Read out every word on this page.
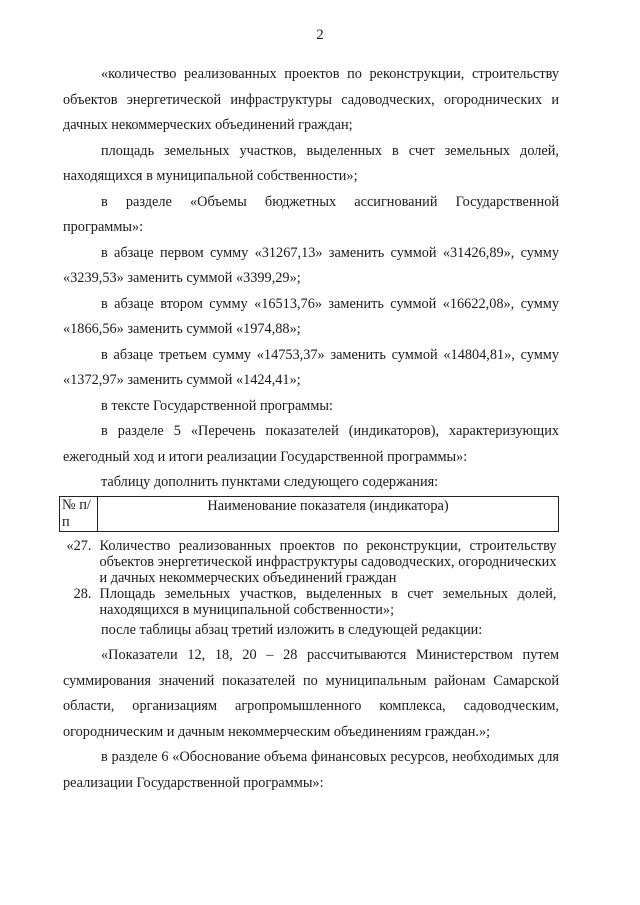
2

«количество реализованных проектов по реконструкции, строительству объектов энергетической инфраструктуры садоводческих, огороднических и дачных некоммерческих объединений граждан;

площадь земельных участков, выделенных в счет земельных долей, находящихся в муниципальной собственности»;

в разделе «Объемы бюджетных ассигнований Государственной программы»:

в абзаце первом сумму «31267,13» заменить суммой «31426,89», сумму «3239,53» заменить суммой «3399,29»;

в абзаце втором сумму «16513,76» заменить суммой «16622,08», сумму «1866,56» заменить суммой «1974,88»;

в абзаце третьем сумму «14753,37» заменить суммой «14804,81», сумму «1372,97» заменить суммой «1424,41»;

в тексте Государственной программы:

в разделе 5 «Перечень показателей (индикаторов), характеризующих ежегодный ход и итоги реализации Государственной программы»:

таблицу дополнить пунктами следующего содержания:

№ п/п	Наименование показателя (индикатора)
«27.	Количество реализованных проектов по реконструкции, строительству объектов энергетической инфраструктуры садоводческих, огороднических и дачных некоммерческих объединений граждан
28.	Площадь земельных участков, выделенных в счет земельных долей, находящихся в муниципальной собственности»;

после таблицы абзац третий изложить в следующей редакции:

«Показатели 12, 18, 20 – 28 рассчитываются Министерством путем суммирования значений показателей по муниципальным районам Самарской области, организациям агропромышленного комплекса, садоводческим, огородническим и дачным некоммерческим объединениям граждан.»;

в разделе 6 «Обоснование объема финансовых ресурсов, необходимых для реализации Государственной программы»:
